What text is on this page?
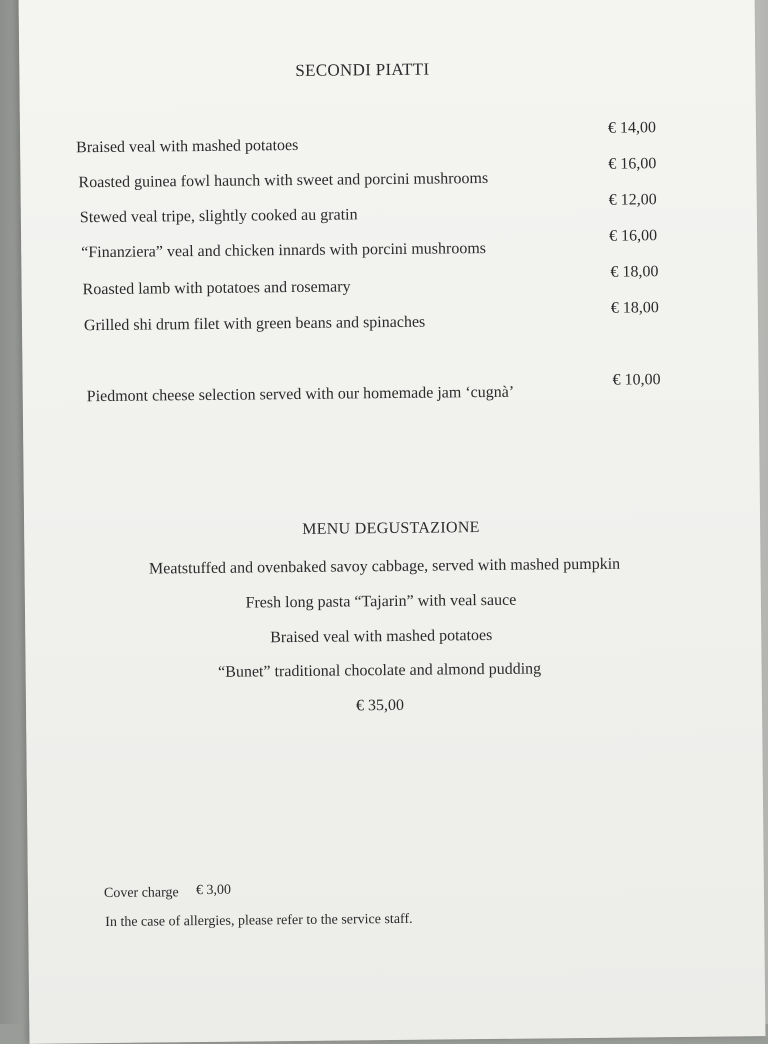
SECONDI PIATTI
Braised veal with mashed potatoes
€ 14,00
Roasted guinea fowl haunch with sweet and porcini mushrooms
€ 16,00
Stewed veal tripe, slightly cooked au gratin
€ 12,00
“Finanziera” veal and chicken innards with porcini mushrooms
€ 16,00
Roasted lamb with potatoes and rosemary
€ 18,00
Grilled shi drum filet with green beans and spinaches
€ 18,00
Piedmont cheese selection served with our homemade jam ‘cugnà’
€ 10,00
MENU DEGUSTAZIONE
Meatstuffed and ovenbaked savoy cabbage, served with mashed pumpkin
Fresh long pasta “Tajarin” with veal sauce
Braised veal with mashed potatoes
“Bunet” traditional chocolate and almond pudding
€ 35,00
Cover charge € 3,00
In the case of allergies, please refer to the service staff.
